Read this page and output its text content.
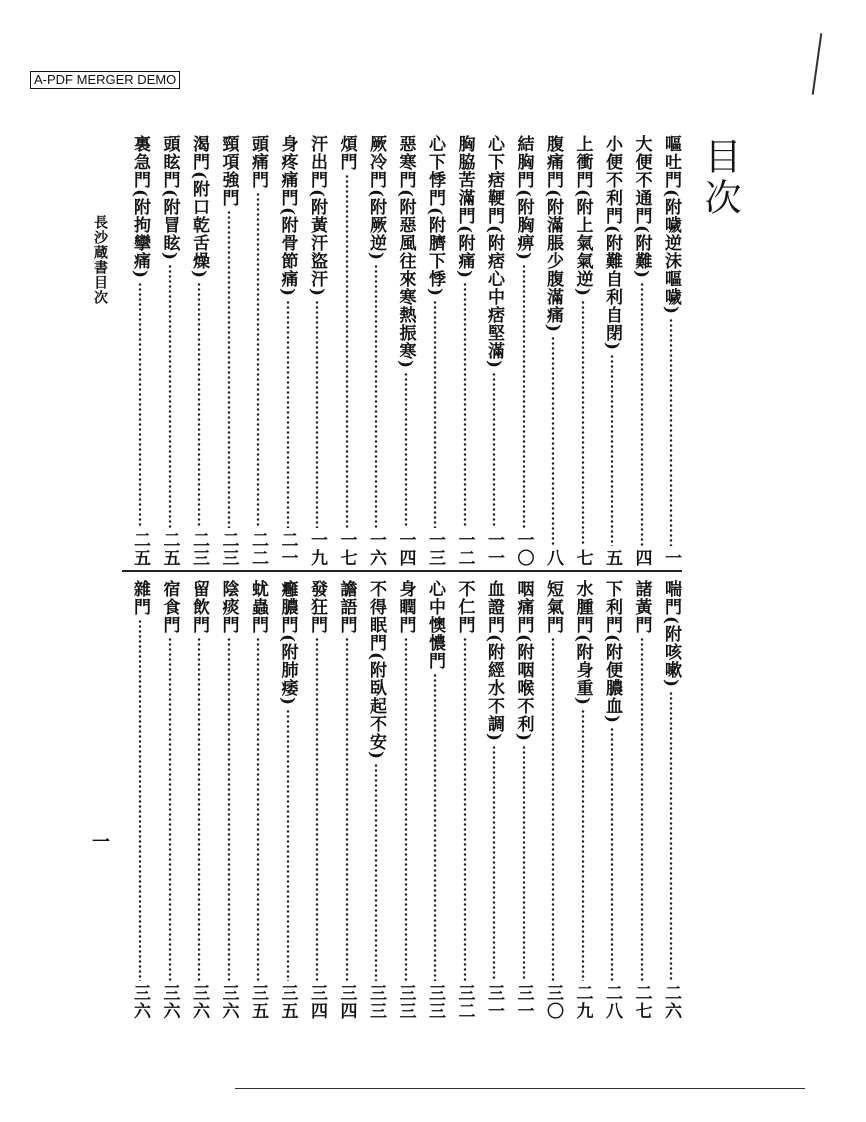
A-PDF MERGER DEMO
目次
嘔吐門(附噦逆沫嘔噦)
一
大便不通門(附難)
四
小便不利門(附難自利自閉)
五
上衝門(附上氣氣逆)
七
腹痛門(附滿脹少腹滿痛)
八
結胸門(附胸痹)
一〇
心下痞鞕門(附痞心中痞堅滿)
一一
胸脇苦滿門(附痛)
一二
心下悸門(附臍下悸)
一三
惡寒門(附惡風往來寒熱振寒)
一四
厥冷門(附厥逆)
一六
煩門
一七
汗出門(附黃汗盜汗)
一九
身疼痛門(附骨節痛)
二一
頭痛門
二二
頸項強門
二三
渴門(附口乾舌燥)
二三
頭眩門(附冒眩)
二五
裏急門(附拘攣痛)
二五
喘門(附咳嗽)
二六
諸黃門
二七
下利門(附便膿血)
二八
水腫門(附身重)
二九
短氣門
三〇
咽痛門(附咽喉不利)
三一
血證門(附經水不調)
三一
不仁門
三二
心中懊憹門
三三
身瞤門
三三
不得眠門(附臥起不安)
三三
譫語門
三四
發狂門
三四
癰膿門(附肺痿)
三五
蚘蟲門
三五
陰痰門
三六
留飲門
三六
宿食門
三六
雜門
三六
長沙蔵書目次
一
